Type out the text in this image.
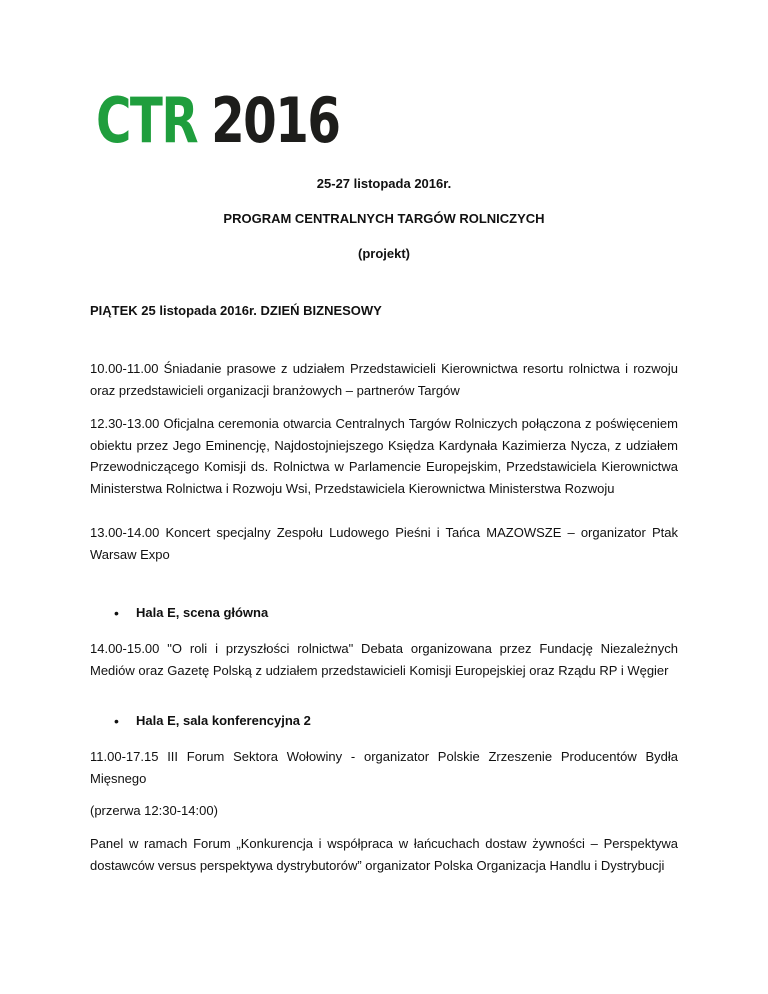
CTR 2016
25-27 listopada 2016r.
PROGRAM CENTRALNYCH TARGÓW ROLNICZYCH
(projekt)
PIĄTEK 25 listopada 2016r. DZIEŃ BIZNESOWY
10.00-11.00 Śniadanie prasowe z udziałem Przedstawicieli Kierownictwa resortu rolnictwa i rozwoju oraz przedstawicieli organizacji branżowych – partnerów Targów
12.30-13.00 Oficjalna ceremonia otwarcia Centralnych Targów Rolniczych połączona z poświęceniem obiektu przez Jego Eminencję, Najdostojniejszego Księdza Kardynała Kazimierza Nycza, z udziałem Przewodniczącego Komisji ds. Rolnictwa w Parlamencie Europejskim, Przedstawiciela Kierownictwa Ministerstwa Rolnictwa i Rozwoju Wsi, Przedstawiciela Kierownictwa Ministerstwa Rozwoju
13.00-14.00 Koncert specjalny Zespołu Ludowego Pieśni i Tańca MAZOWSZE – organizator Ptak Warsaw Expo
• Hala E, scena główna
14.00-15.00 "O roli i przyszłości rolnictwa" Debata organizowana przez Fundację Niezależnych Mediów oraz Gazetę Polską z udziałem przedstawicieli Komisji Europejskiej oraz Rządu RP i Węgier
• Hala E, sala konferencyjna 2
11.00-17.15 III Forum Sektora Wołowiny - organizator Polskie Zrzeszenie Producentów Bydła Mięsnego
(przerwa 12:30-14:00)
Panel w ramach Forum „Konkurencja i współpraca w łańcuchach dostaw żywności – Perspektywa dostawców versus perspektywa dystrybutorów” organizator Polska Organizacja Handlu i Dystrybucji
